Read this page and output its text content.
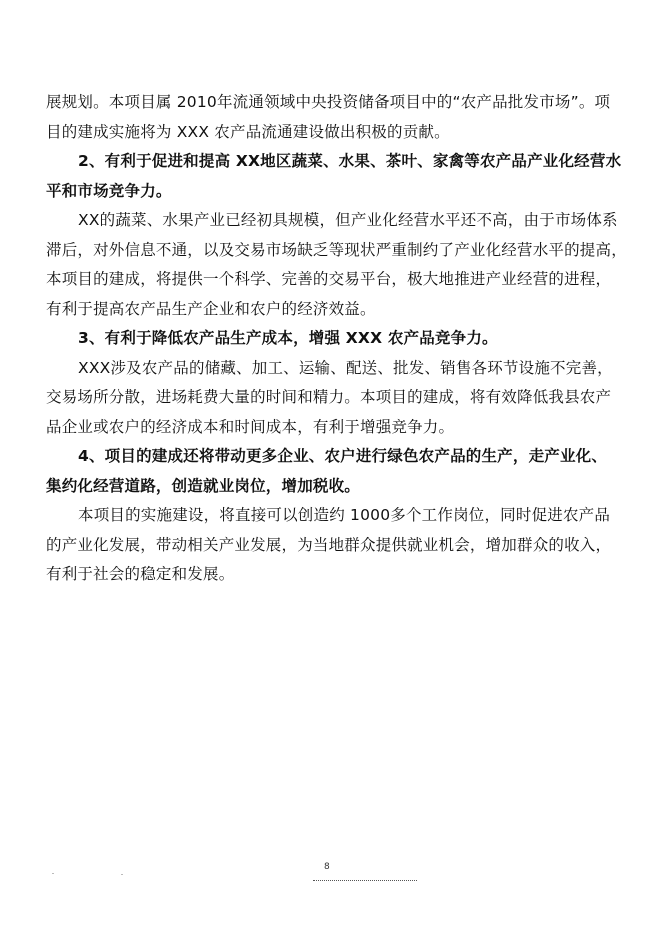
展规划。本项目属 2010年流通领域中央投资储备项目中的“农产品批发市场”。项

目的建成实施将为 XXX 农产品流通建设做出积极的贡献。

2、有利于促进和提高 XX地区蔬菜、水果、茶叶、家禽等农产品产业化经营水

平和市场竞争力。

XX的蔬菜、水果产业已经初具规模，但产业化经营水平还不高，由于市场体系

滞后，对外信息不通，以及交易市场缺乏等现状严重制约了产业化经营水平的提高，

本项目的建成，将提供一个科学、完善的交易平台，极大地推进产业经营的进程，

有利于提高农产品生产企业和农户的经济效益。

3、有利于降低农产品生产成本，增强 XXX 农产品竞争力。

XXX涉及农产品的储藏、加工、运输、配送、批发、销售各环节设施不完善，

交易场所分散，进场耗费大量的时间和精力。本项目的建成，将有效降低我县农产

品企业或农户的经济成本和时间成本，有利于增强竞争力。

4、项目的建成还将带动更多企业、农户进行绿色农产品的生产，走产业化、

集约化经营道路，创造就业岗位，增加税收。

本项目的实施建设，将直接可以创造约 1000多个工作岗位，同时促进农产品

的产业化发展，带动相关产业发展，为当地群众提供就业机会，增加群众的收入，

有利于社会的稳定和发展。

8
